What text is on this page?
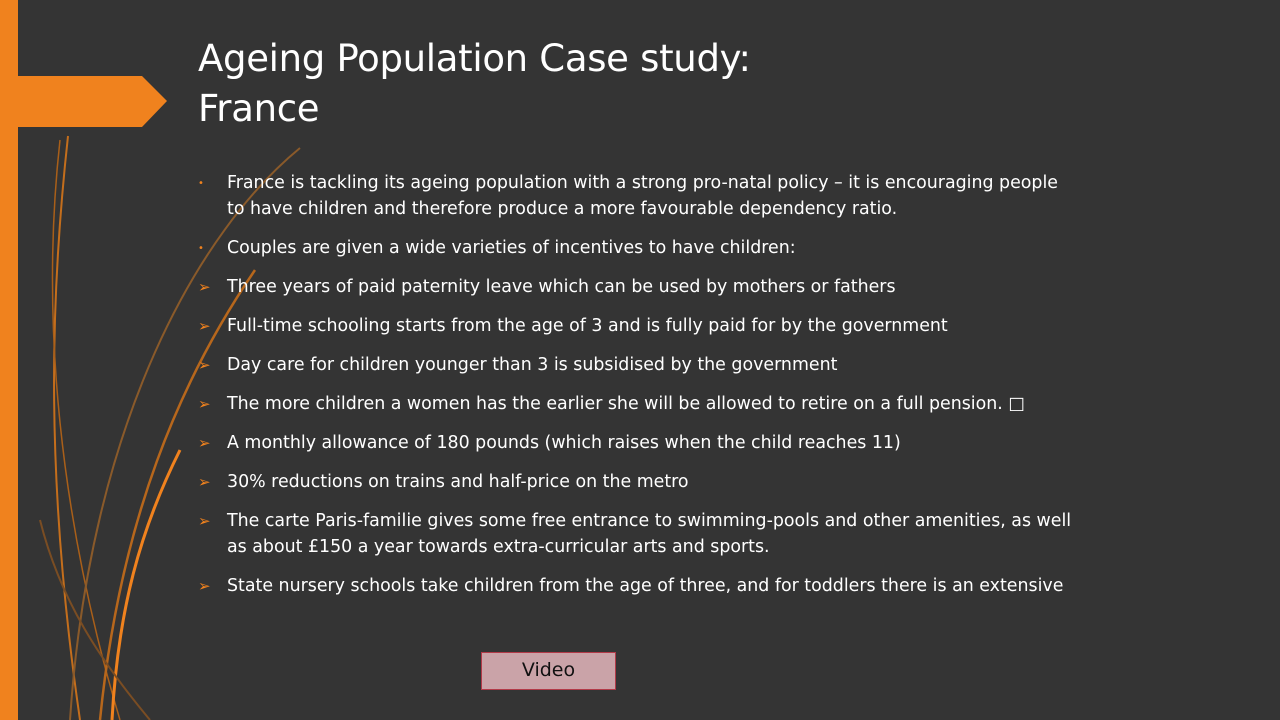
Ageing Population Case study:
France
•	France is tackling its ageing population with a strong pro-natal policy – it is encouraging people to have children and therefore produce a more favourable dependency ratio.
•	Couples are given a wide varieties of incentives to have children:
➢ Three years of paid paternity leave which can be used by mothers or fathers
➢ Full-time schooling starts from the age of 3 and is fully paid for by the government
➢ Day care for children younger than 3 is subsidised by the government
➢ The more children a women has the earlier she will be allowed to retire on a full pension. □
➢ A monthly allowance of 180 pounds (which raises when the child reaches 11)
➢ 30% reductions on trains and half-price on the metro
➢ The carte Paris-familie gives some free entrance to swimming-pools and other amenities, as well as about £150 a year towards extra-curricular arts and sports.
➢ State nursery schools take children from the age of three, and for toddlers there is an extensive
Video
